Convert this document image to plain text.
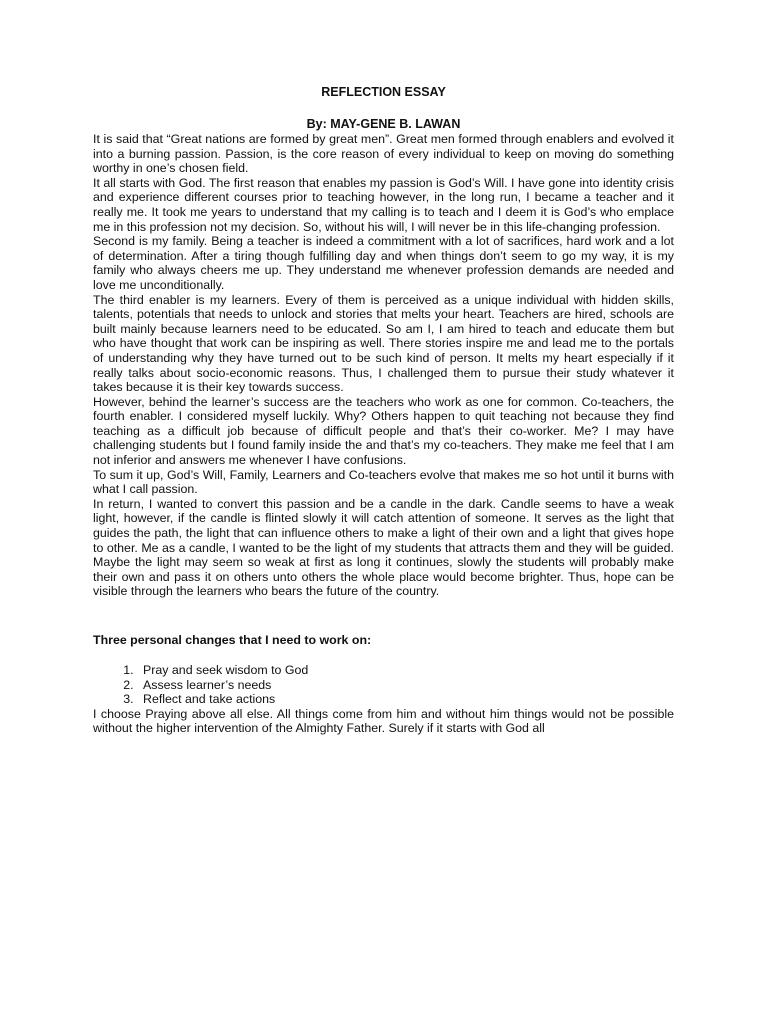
REFLECTION ESSAY
By: MAY-GENE B. LAWAN

It is said that “Great nations are formed by great men”. Great men formed through enablers and evolved it into a burning passion. Passion, is the core reason of every individual to keep on moving do something worthy in one’s chosen field.

It all starts with God. The first reason that enables my passion is God’s Will. I have gone into identity crisis and experience different courses prior to teaching however, in the long run, I became a teacher and it really me. It took me years to understand that my calling is to teach and I deem it is God’s who emplace me in this profession not my decision. So, without his will, I will never be in this life-changing profession.

Second is my family. Being a teacher is indeed a commitment with a lot of sacrifices, hard work and a lot of determination. After a tiring though fulfilling day and when things don’t seem to go my way, it is my family who always cheers me up. They understand me whenever profession demands are needed and love me unconditionally.

The third enabler is my learners. Every of them is perceived as a unique individual with hidden skills, talents, potentials that needs to unlock and stories that melts your heart. Teachers are hired, schools are built mainly because learners need to be educated. So am I, I am hired to teach and educate them but who have thought that work can be inspiring as well. There stories inspire me and lead me to the portals of understanding why they have turned out to be such kind of person. It melts my heart especially if it really talks about socio-economic reasons. Thus, I challenged them to pursue their study whatever it takes because it is their key towards success.

However, behind the learner’s success are the teachers who work as one for common. Co-teachers, the fourth enabler. I considered myself luckily. Why? Others happen to quit teaching not because they find teaching as a difficult job because of difficult people and that’s their co-worker. Me? I may have challenging students but I found family inside the and that’s my co-teachers. They make me feel that I am not inferior and answers me whenever I have confusions.

To sum it up, God’s Will, Family, Learners and Co-teachers evolve that makes me so hot until it burns with what I call passion.

In return, I wanted to convert this passion and be a candle in the dark. Candle seems to have a weak light, however, if the candle is flinted slowly it will catch attention of someone. It serves as the light that guides the path, the light that can influence others to make a light of their own and a light that gives hope to other. Me as a candle, I wanted to be the light of my students that attracts them and they will be guided. Maybe the light may seem so weak at first as long it continues, slowly the students will probably make their own and pass it on others unto others the whole place would become brighter. Thus, hope can be visible through the learners who bears the future of the country.

Three personal changes that I need to work on:
1. Pray and seek wisdom to God
2. Assess learner’s needs
3. Reflect and take actions

I choose Praying above all else. All things come from him and without him things would not be possible without the higher intervention of the Almighty Father. Surely if it starts with God all
